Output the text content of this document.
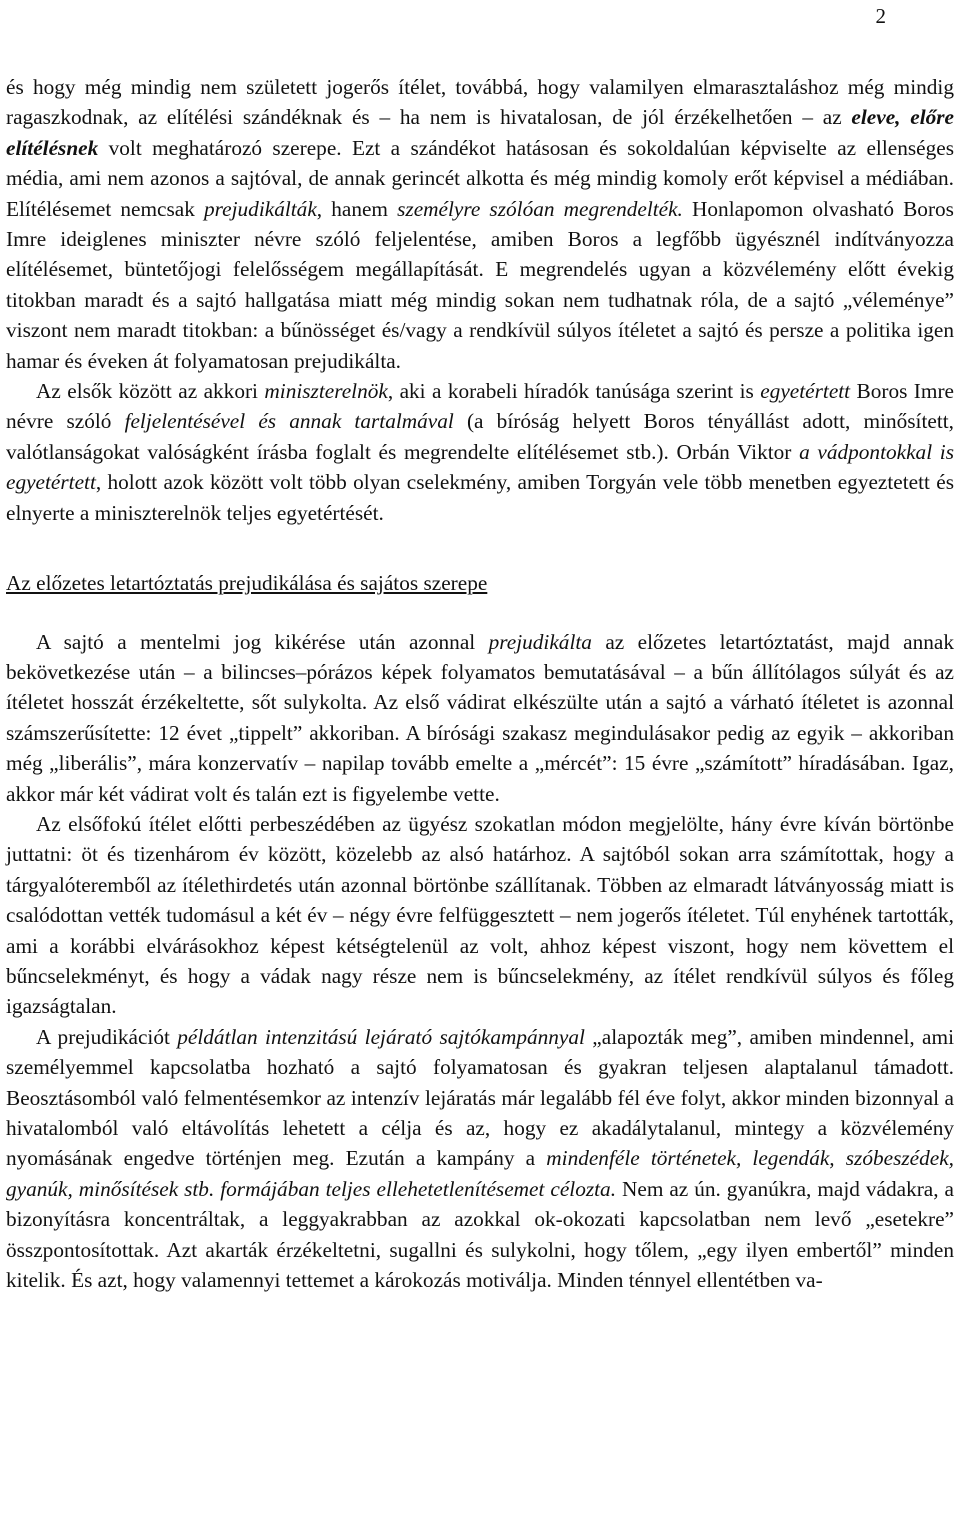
2

és hogy még mindig nem született jogerős ítélet, továbbá, hogy valamilyen elmarasztaláshoz még mindig ragaszkodnak, az elítélési szándéknak és – ha nem is hivatalosan, de jól érzékelhetően – az eleve, előre elítélésnek volt meghatározó szerepe. Ezt a szándékot hatásosan és sokoldalúan képviselte az ellenséges média, ami nem azonos a sajtóval, de annak gerincét alkotta és még mindig komoly erőt képvisel a médiában. Elítélésemet nemcsak prejudikálták, hanem személyre szólóan megrendelték. Honlapomon olvasható Boros Imre ideiglenes miniszter névre szóló feljelentése, amiben Boros a legfőbb ügyésznél indítványozza elítélésemet, büntetőjogi felelősségem megállapítását. E megrendelés ugyan a közvélemény előtt évekig titokban maradt és a sajtó hallgatása miatt még mindig sokan nem tudhatnak róla, de a sajtó „véleménye” viszont nem maradt titokban: a bűnösséget és/vagy a rendkívül súlyos ítéletet a sajtó és persze a politika igen hamar és éveken át folyamatosan prejudikálta.

Az elsők között az akkori miniszterelnök, aki a korabeli híradók tanúsága szerint is egyetértett Boros Imre névre szóló feljelentésével és annak tartalmával (a bíróság helyett Boros tényállást adott, minősített, valótlanságokat valóságként írásba foglalt és megrendelte elítélésemet stb.). Orbán Viktor a vádpontokkal is egyetértett, holott azok között volt több olyan cselekmény, amiben Torgyán vele több menetben egyeztetett és elnyerte a miniszterelnök teljes egyetértését.

Az előzetes letartóztatás prejudikálása és sajátos szerepe

A sajtó a mentelmi jog kikérése után azonnal prejudikálta az előzetes letartóztatást, majd annak bekövetkezése után – a bilincses–pórázos képek folyamatos bemutatásával – a bűn állítólagos súlyát és az ítéletet hosszát érzékeltette, sőt sulykolta. Az első vádirat elkészülte után a sajtó a várható ítéletet is azonnal számszerűsítette: 12 évet „tippelt” akkoriban. A bírósági szakasz megindulásakor pedig az egyik – akkoriban még „liberális”, mára konzervatív – napilap tovább emelte a „mércét”: 15 évre „számított” híradásában. Igaz, akkor már két vádirat volt és talán ezt is figyelembe vette.

Az elsőfokú ítélet előtti perbeszédében az ügyész szokatlan módon megjelölte, hány évre kíván börtönbe juttatni: öt és tizenhárom év között, közelebb az alsó határhoz. A sajtóból sokan arra számítottak, hogy a tárgyalóteremből az ítélethirdetés után azonnal börtönbe szállítanak. Többen az elmaradt látványosság miatt is csalódottan vették tudomásul a két év – négy évre felfüggesztett – nem jogerős ítéletet. Túl enyhének tartották, ami a korábbi elvárásokhoz képest kétségtelenül az volt, ahhoz képest viszont, hogy nem követtem el bűncselekményt, és hogy a vádak nagy része nem is bűncselekmény, az ítélet rendkívül súlyos és főleg igazságtalan.

A prejudikációt példátlan intenzitású lejárató sajtókampánnyal „alapozták meg”, amiben mindennel, ami személyemmel kapcsolatba hozható a sajtó folyamatosan és gyakran teljesen alaptalanul támadott. Beosztásomból való felmentésemkor az intenzív lejáratás már legalább fél éve folyt, akkor minden bizonnyal a hivatalomból való eltávolítás lehetett a célja és az, hogy ez akadálytalanul, mintegy a közvélemény nyomásának engedve történjen meg. Ezután a kampány a mindenféle történetek, legendák, szóbeszédek, gyanúk, minősítések stb. formájában teljes ellehetetlenítésemet célozta. Nem az ún. gyanúkra, majd vádakra, a bizonyításra koncentráltak, a leggyakrabban az azokkal ok-okozati kapcsolatban nem levő „esetekre” összpontosítottak. Azt akarták érzékeltetni, sugallni és sulykolni, hogy tőlem, „egy ilyen embertől” minden kitelik. És azt, hogy valamennyi tettemet a károkozás motiválja. Minden ténnyel ellentétben va-
